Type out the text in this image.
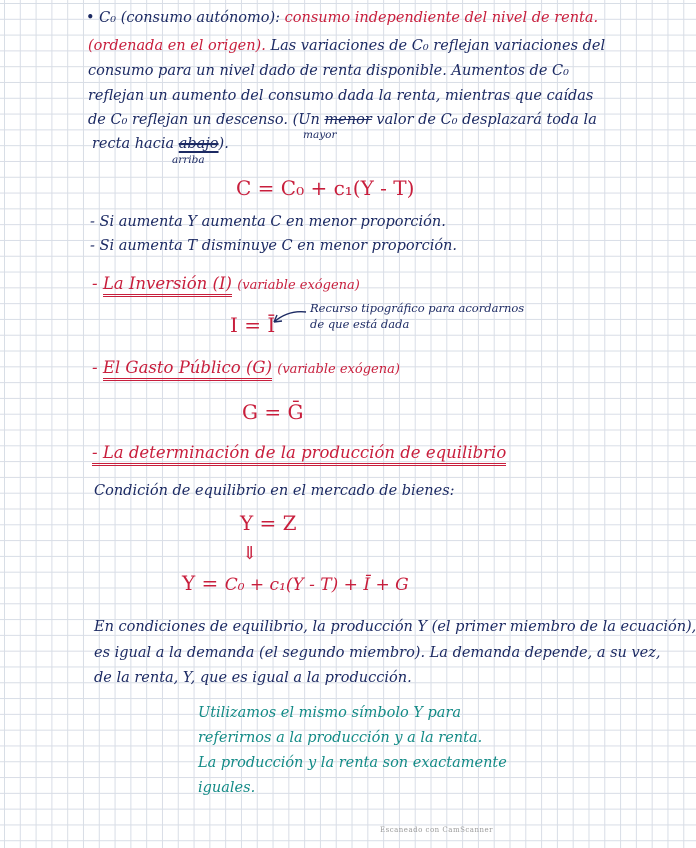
• C₀ (consumo autónomo): consumo independiente del nivel de renta.
(ordenada en el origen). Las variaciones de C₀ reflejan variaciones del
consumo para un nivel dado de renta disponible. Aumentos de C₀
reflejan un aumento del consumo dada la renta, mientras que caídas
de C₀ reflejan un descenso. (Un menor valor de C₀ desplazará toda la
mayor
recta hacia abajo).
arriba
C = C₀ + c₁(Y - T)
- Si aumenta Y aumenta C en menor proporción.
- Si aumenta T disminuye C en menor proporción.
- La Inversión (I) (variable exógena)
I = Ī
Recurso tipográfico para acordarnos
de que está dada
- El Gasto Público (G) (variable exógena)
G = Ḡ
- La determinación de la producción de equilibrio
Condición de equilibrio en el mercado de bienes:
Y = Z
⇓
Y = C₀ + c₁(Y - T) + Ī + G
En condiciones de equilibrio, la producción Y (el primer miembro de la ecuación),
es igual a la demanda (el segundo miembro). La demanda depende, a su vez,
de la renta, Y, que es igual a la producción.
Utilizamos el mismo símbolo Y para
referirnos a la producción y a la renta.
La producción y la renta son exactamente
iguales.
Escaneado con CamScanner
